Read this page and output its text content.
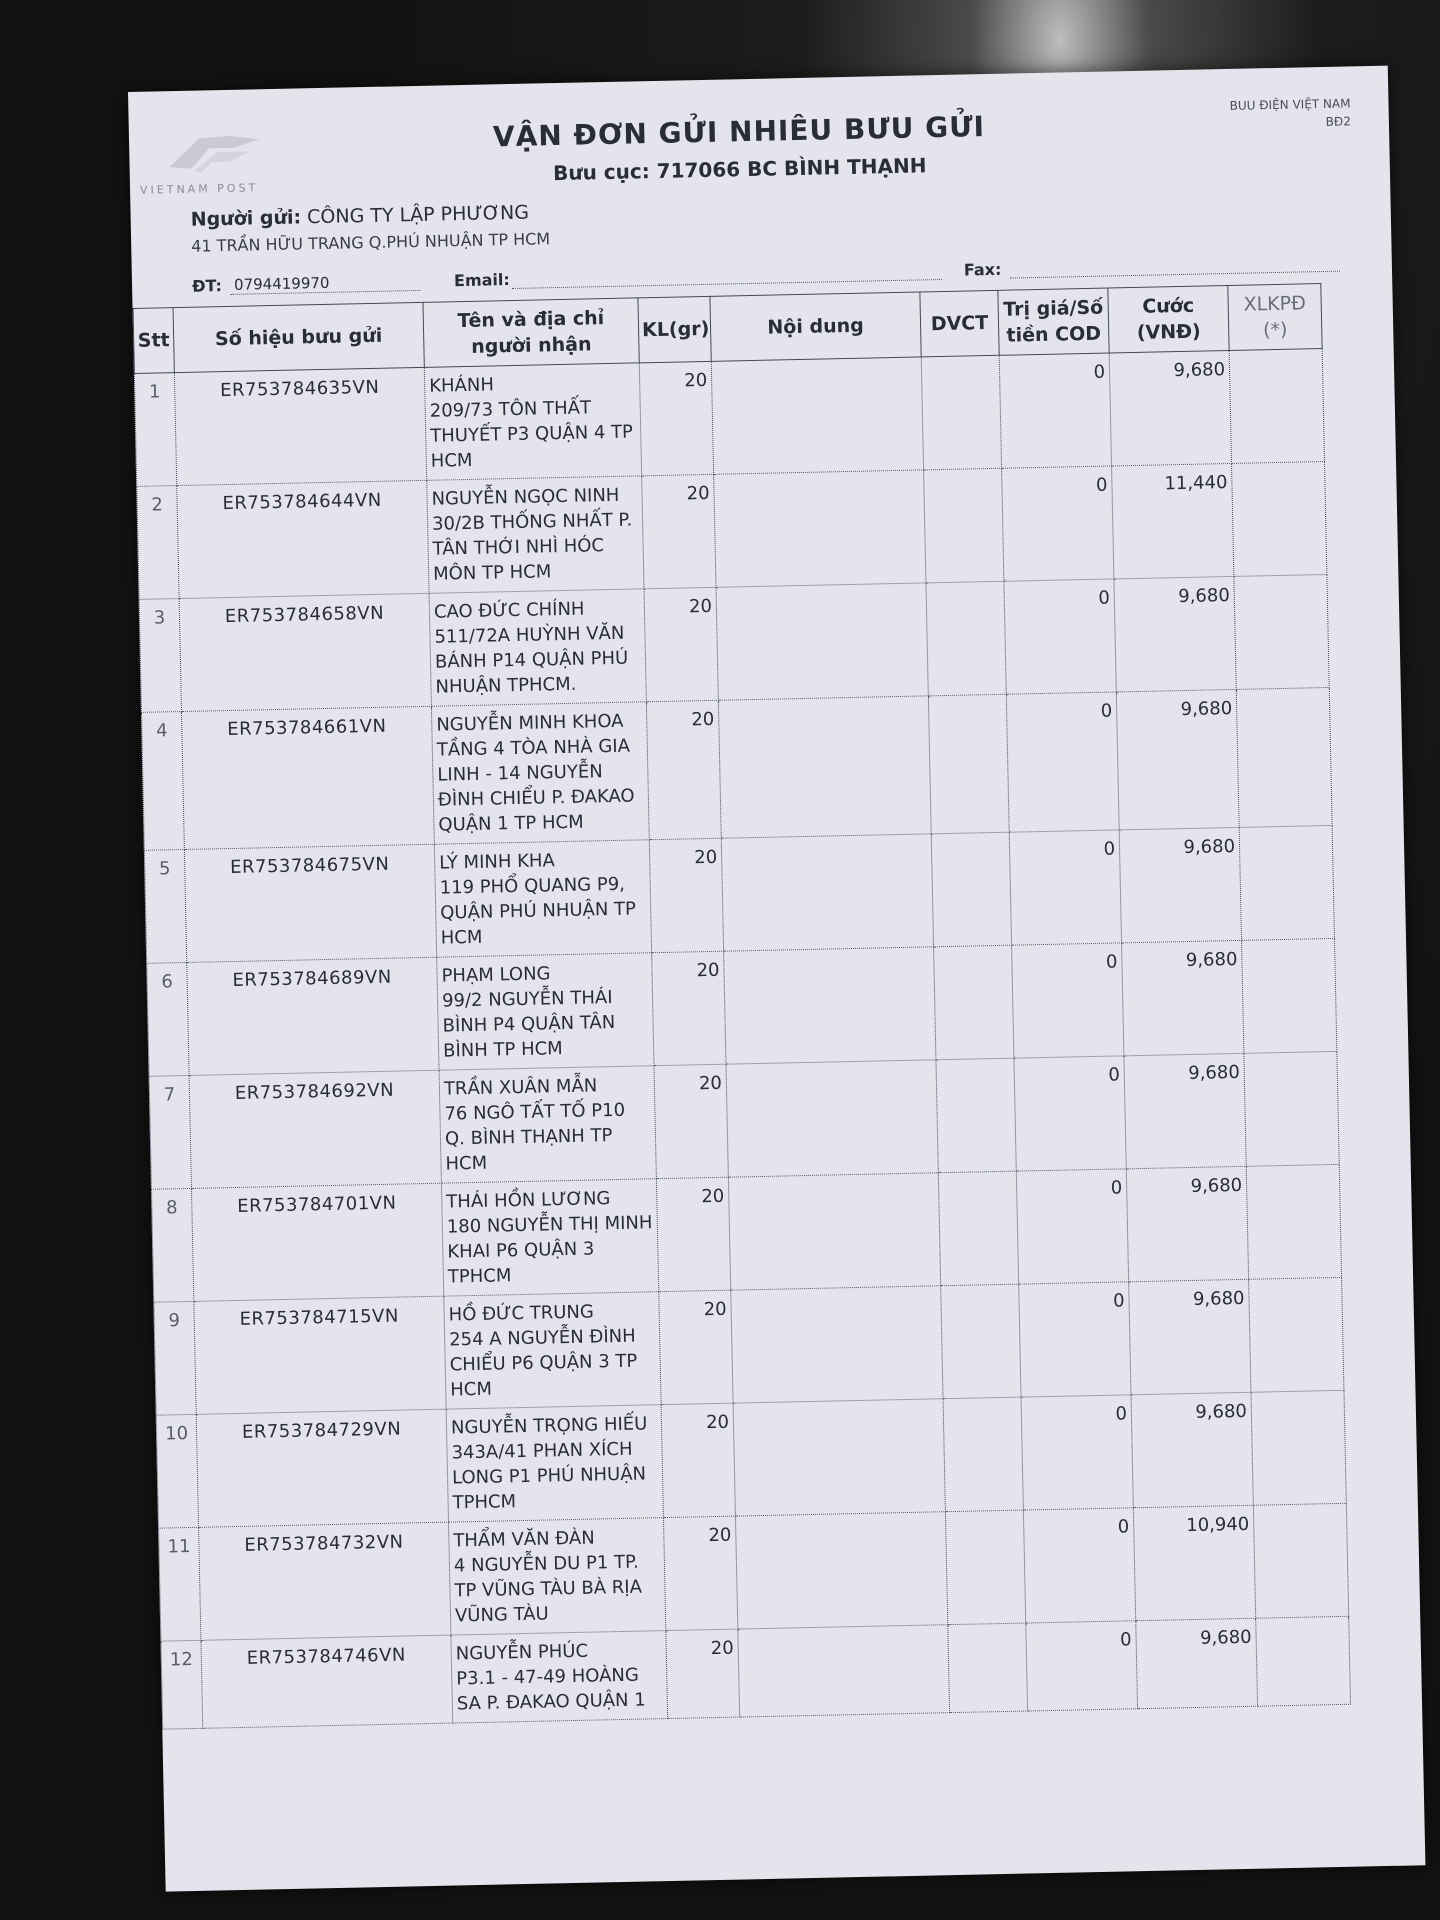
VIETNAM POST
VẬN ĐƠN GỬI NHIÊU BƯU GỬI
Bưu cục: 717066 BC BÌNH THẠNH
BUU ĐIỆN VIỆT NAM
BĐ2
Người gửi: CÔNG TY LẬP PHƯƠNG
41 TRẦN HỮU TRANG Q.PHÚ NHUẬN TP HCM
ĐT: 0794419970	Email:
Fax:
Stt	Số hiệu bưu gửi	Tên và địa chỉ người nhận	KL(gr)	Nội dung	DVCT	Trị giá/Số tiền COD	Cước (VNĐ)	XLKPĐ (*)
1	ER753784635VN	KHÁNH
209/73 TÔN THẤT THUYẾT P3 QUẬN 4 TP HCM	20			0	9,680	
2	ER753784644VN	NGUYỄN NGỌC NINH
30/2B THỐNG NHẤT P. TÂN THỚI NHÌ HÓC MÔN TP HCM	20			0	11,440	
3	ER753784658VN	CAO ĐỨC CHÍNH
511/72A HUỲNH VĂN BÁNH P14 QUẬN PHÚ NHUẬN TPHCM.	20			0	9,680	
4	ER753784661VN	NGUYỄN MINH KHOA
TẦNG 4 TÒA NHÀ GIA LINH - 14 NGUYỄN ĐÌNH CHIỂU P. ĐAKAO QUẬN 1 TP HCM	20			0	9,680	
5	ER753784675VN	LÝ MINH KHA
119 PHỔ QUANG P9, QUẬN PHÚ NHUẬN TP HCM	20			0	9,680	
6	ER753784689VN	PHẠM LONG
99/2 NGUYỄN THÁI BÌNH P4 QUẬN TÂN BÌNH TP HCM	20			0	9,680	
7	ER753784692VN	TRẦN XUÂN MẪN
76 NGÔ TẤT TỐ P10 Q. BÌNH THẠNH TP HCM	20			0	9,680	
8	ER753784701VN	THÁI HỒN LƯƠNG
180 NGUYỄN THỊ MINH KHAI P6 QUẬN 3 TPHCM	20			0	9,680	
9	ER753784715VN	HỒ ĐỨC TRUNG
254 A NGUYỄN ĐÌNH CHIỂU P6 QUẬN 3 TP HCM	20			0	9,680	
10	ER753784729VN	NGUYỄN TRỌNG HIẾU
343A/41 PHAN XÍCH LONG P1 PHÚ NHUẬN TPHCM	20			0	9,680	
11	ER753784732VN	THẨM VĂN ĐÀN
4 NGUYỄN DU P1 TP. TP VŨNG TÀU BÀ RỊA VŨNG TÀU	20			0	10,940	
12	ER753784746VN	NGUYỄN PHÚC
P3.1 - 47-49 HOÀNG SA P. ĐAKAO QUẬN 1	20			0	9,680	
